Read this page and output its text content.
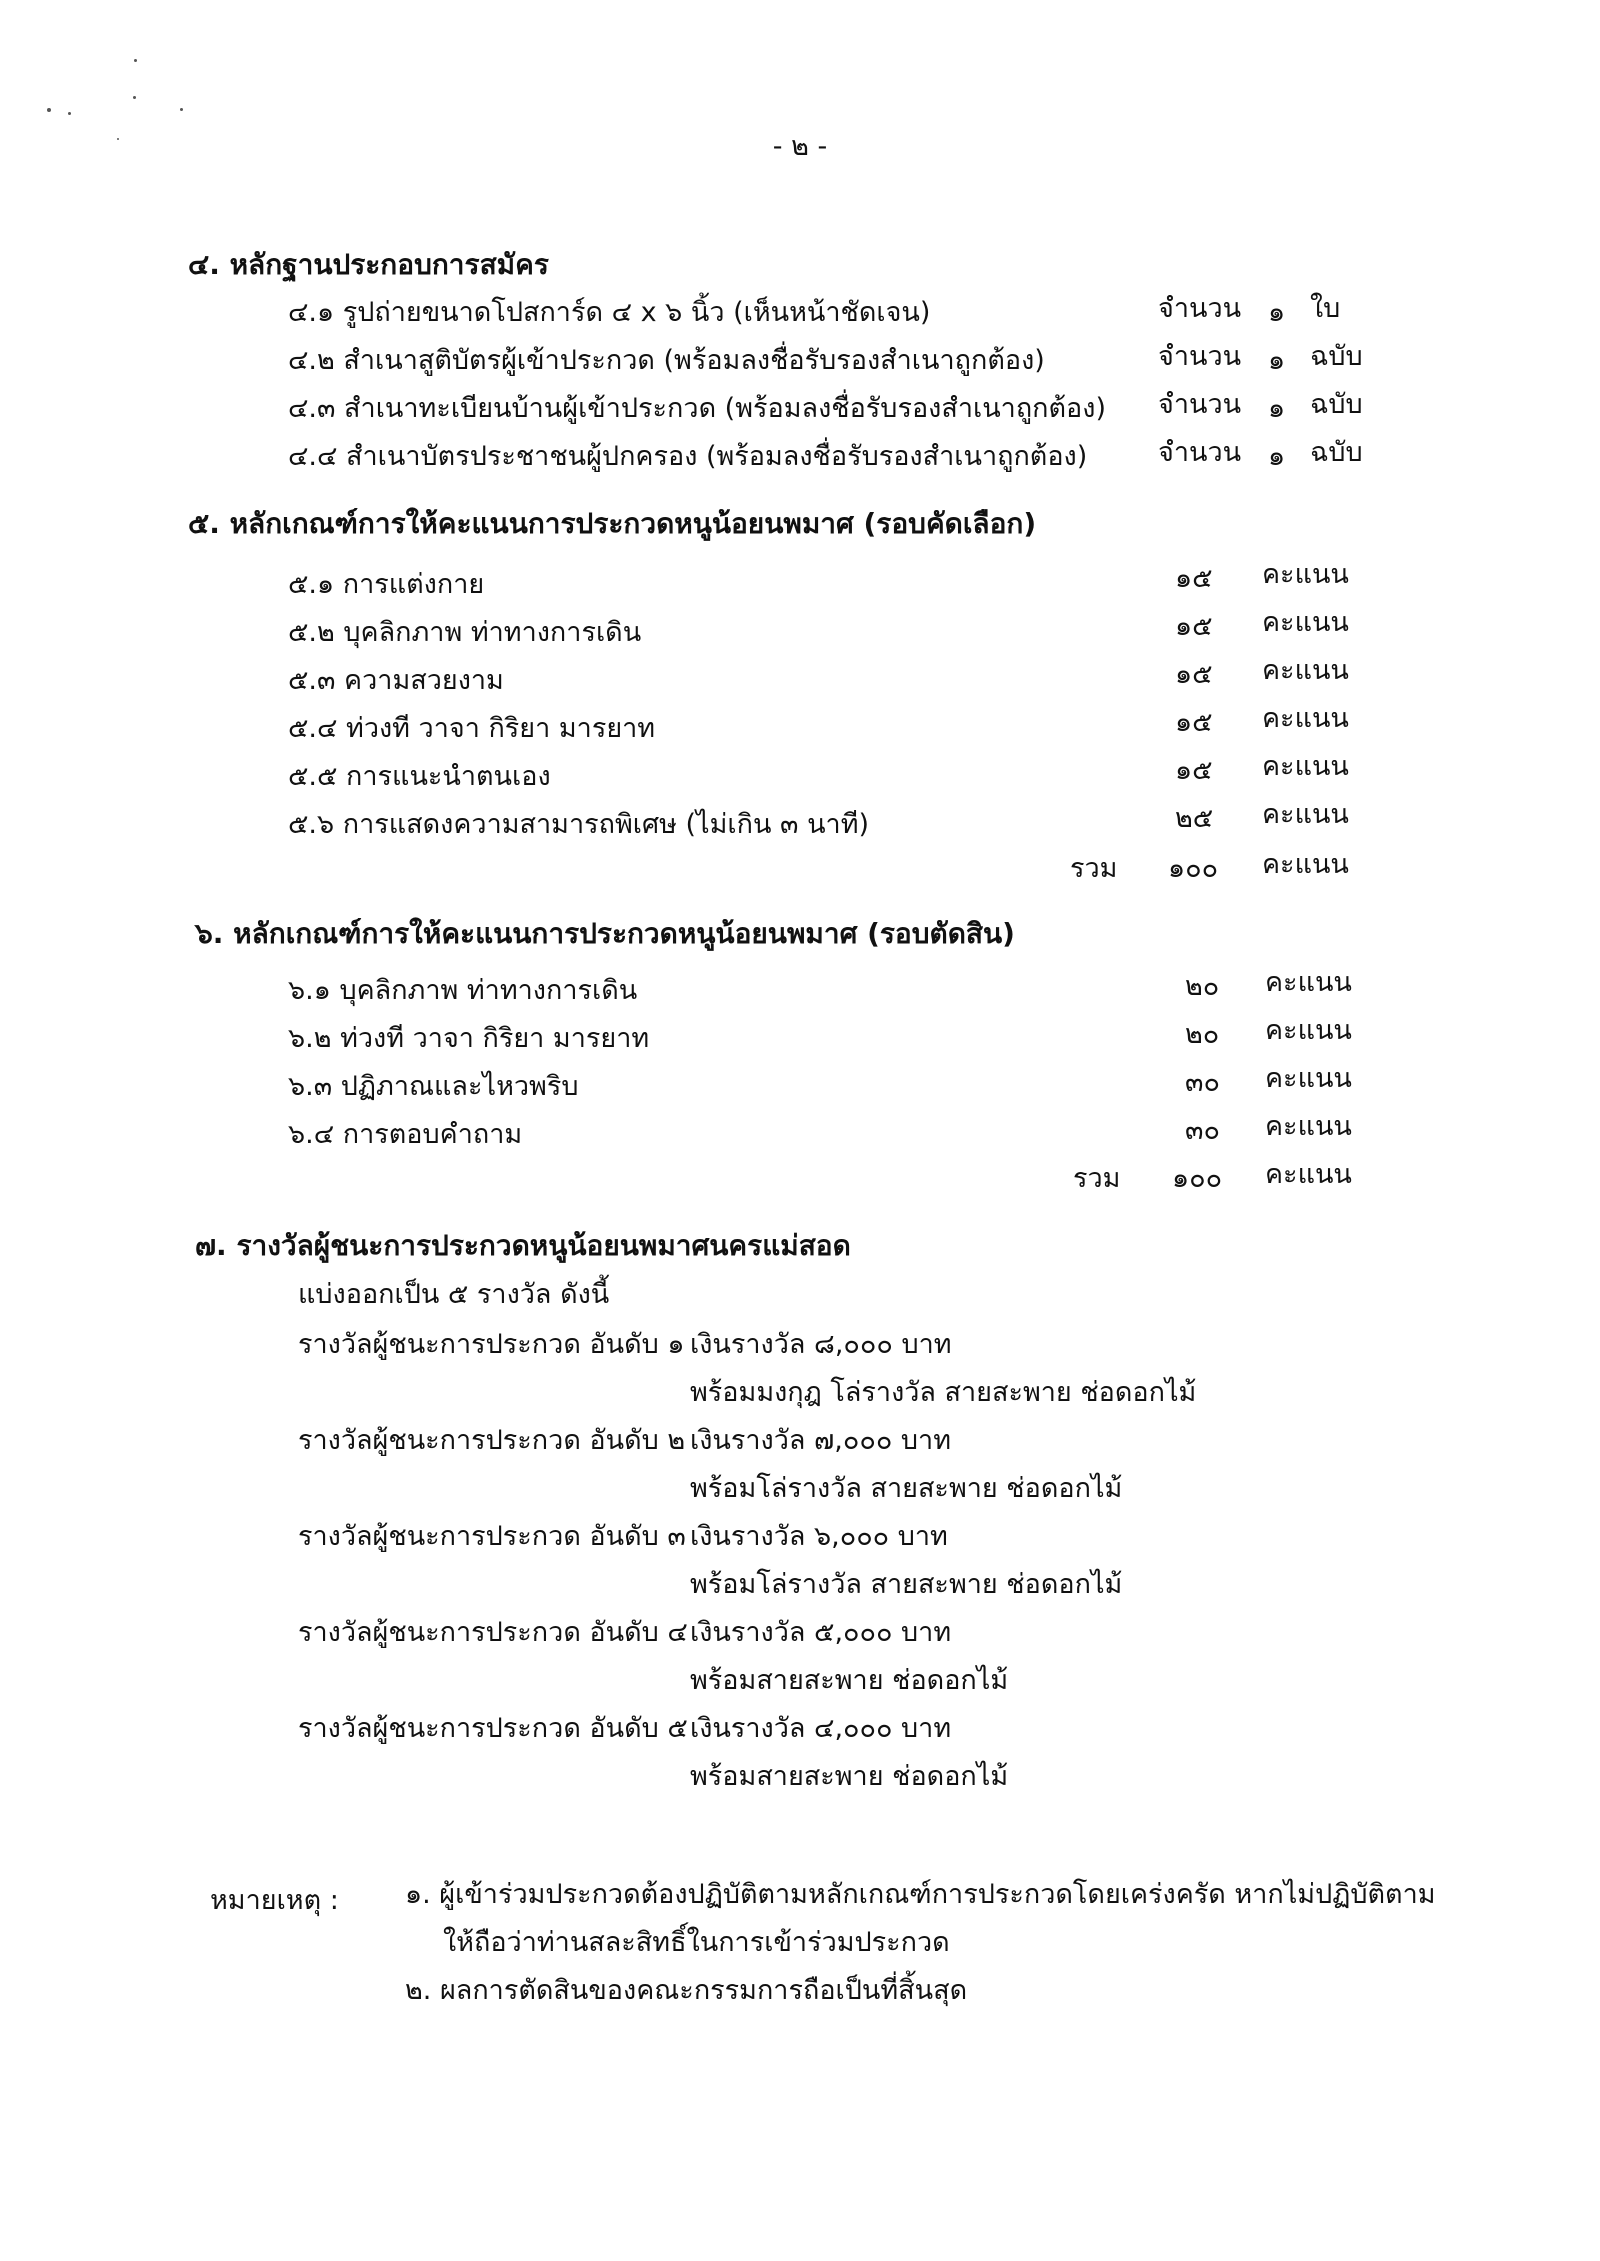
- ๒ -
๔. หลักฐานประกอบการสมัคร
๔.๑ รูปถ่ายขนาดโปสการ์ด ๔ x ๖ นิ้ว (เห็นหน้าชัดเจน)	จำนวน ๑ ใบ
๔.๒ สำเนาสูติบัตรผู้เข้าประกวด (พร้อมลงชื่อรับรองสำเนาถูกต้อง)	จำนวน ๑ ฉบับ
๔.๓ สำเนาทะเบียนบ้านผู้เข้าประกวด (พร้อมลงชื่อรับรองสำเนาถูกต้อง) จำนวน ๑ ฉบับ
๔.๔ สำเนาบัตรประชาชนผู้ปกครอง (พร้อมลงชื่อรับรองสำเนาถูกต้อง)	จำนวน ๑ ฉบับ
๕. หลักเกณฑ์การให้คะแนนการประกวดหนูน้อยนพมาศ (รอบคัดเลือก)
๕.๑ การแต่งกาย	๑๕ คะแนน
๕.๒ บุคลิกภาพ ท่าทางการเดิน	๑๕ คะแนน
๕.๓ ความสวยงาม	๑๕ คะแนน
๕.๔ ท่วงที วาจา กิริยา มารยาท	๑๕ คะแนน
๕.๕ การแนะนำตนเอง	๑๕ คะแนน
๕.๖ การแสดงความสามารถพิเศษ (ไม่เกิน ๓ นาที)	๒๕ คะแนน
รวม ๑๐๐ คะแนน
๖. หลักเกณฑ์การให้คะแนนการประกวดหนูน้อยนพมาศ (รอบตัดสิน)
๖.๑ บุคลิกภาพ ท่าทางการเดิน	๒๐ คะแนน
๖.๒ ท่วงที วาจา กิริยา มารยาท	๒๐ คะแนน
๖.๓ ปฏิภาณและไหวพริบ	๓๐ คะแนน
๖.๔ การตอบคำถาม	๓๐ คะแนน
รวม ๑๐๐ คะแนน
๗. รางวัลผู้ชนะการประกวดหนูน้อยนพมาศนครแม่สอด
แบ่งออกเป็น ๕ รางวัล ดังนี้
รางวัลผู้ชนะการประกวด อันดับ ๑ เงินรางวัล ๘,๐๐๐ บาท
พร้อมมงกุฎ โล่รางวัล สายสะพาย ช่อดอกไม้
รางวัลผู้ชนะการประกวด อันดับ ๒ เงินรางวัล ๗,๐๐๐ บาท
พร้อมโล่รางวัล สายสะพาย ช่อดอกไม้
รางวัลผู้ชนะการประกวด อันดับ ๓ เงินรางวัล ๖,๐๐๐ บาท
พร้อมโล่รางวัล สายสะพาย ช่อดอกไม้
รางวัลผู้ชนะการประกวด อันดับ ๔ เงินรางวัล ๕,๐๐๐ บาท
พร้อมสายสะพาย ช่อดอกไม้
รางวัลผู้ชนะการประกวด อันดับ ๕ เงินรางวัล ๔,๐๐๐ บาท
พร้อมสายสะพาย ช่อดอกไม้
หมายเหตุ : ๑. ผู้เข้าร่วมประกวดต้องปฏิบัติตามหลักเกณฑ์การประกวดโดยเคร่งครัด หากไม่ปฏิบัติตาม
ให้ถือว่าท่านสละสิทธิ์ในการเข้าร่วมประกวด
๒. ผลการตัดสินของคณะกรรมการถือเป็นที่สิ้นสุด
